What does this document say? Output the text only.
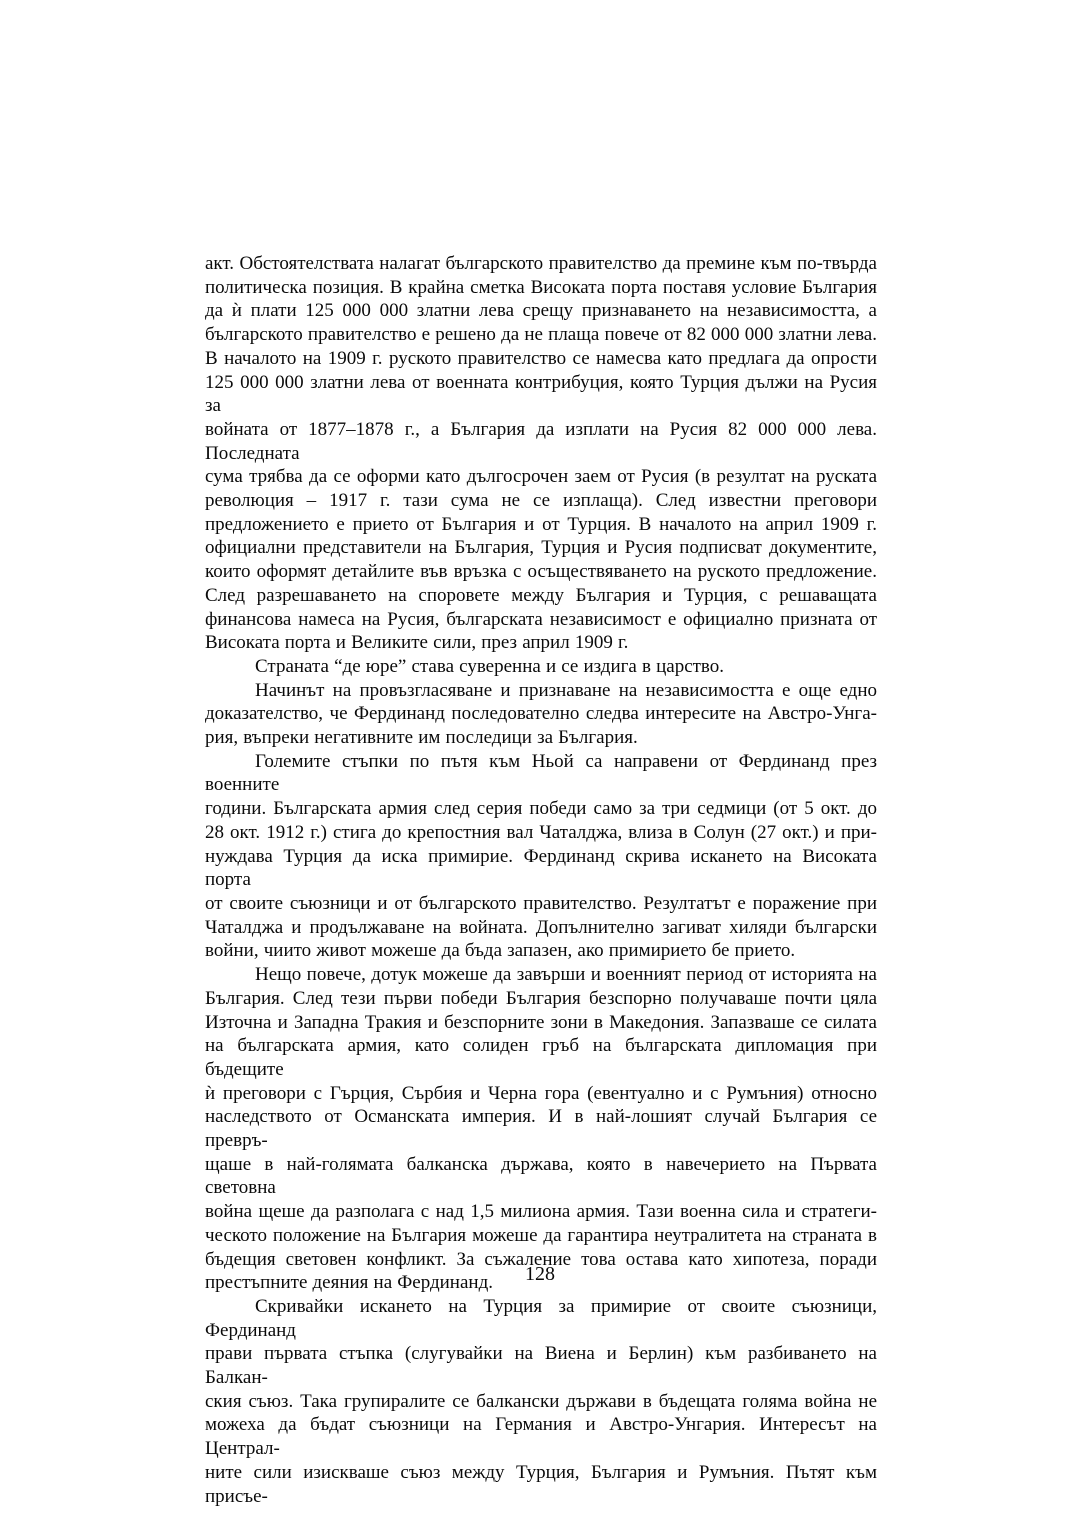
акт. Обстоятелствата налагат българското правителство да премине към по-твърда
политическа позиция. В крайна сметка Високата порта поставя условие България
да ѝ плати 125 000 000 златни лева срещу признаването на независимостта, а
българското правителство е решено да не плаща повече от 82 000 000 златни лева.
В началото на 1909 г. руското правителство се намесва като предлага да опрости
125 000 000 златни лева от военната контрибуция, която Турция дължи на Русия за
войната от 1877–1878 г., а България да изплати на Русия 82 000 000 лева. Последната
сума трябва да се оформи като дългосрочен заем от Русия (в резултат на руската
революция – 1917 г. тази сума не се изплаща). След известни преговори
предложението е прието от България и от Турция. В началото на април 1909 г.
официални представители на България, Турция и Русия подписват документите,
които оформят детайлите във връзка с осъществяването на руското предложение.
След разрешаването на споровете между България и Турция, с решаващата
финансова намеса на Русия, българската независимост е официално призната от
Високата порта и Великите сили, през април 1909 г.
Страната “де юре” става суверенна и се издига в царство.
Начинът на провъзгласяване и признаване на независимостта е още едно
доказателство, че Фердинанд последователно следва интересите на Австро-Унга-
рия, въпреки негативните им последици за България.
Големите стъпки по пътя към Ньой са направени от Фердинанд през военните
години. Българската армия след серия победи само за три седмици (от 5 окт. до
28 окт. 1912 г.) стига до крепостния вал Чаталджа, влиза в Солун (27 окт.) и при-
нуждава Турция да иска примирие. Фердинанд скрива искането на Високата порта
от своите съюзници и от българското правителство. Резултатът е поражение при
Чаталджа и продължаване на войната. Допълнително загиват хиляди български
войни, чиито живот можеше да бъда запазен, ако примирието бе прието.
Нещо повече, дотук можеше да завърши и военният период от историята на
България. След тези първи победи България безспорно получаваше почти цяла
Източна и Западна Тракия и безспорните зони в Македония. Запазваше се силата
на българската армия, като солиден гръб на българската дипломация при бъдещите
ѝ преговори с Гърция, Сърбия и Черна гора (евентуално и с Румъния) относно
наследството от Османската империя. И в най-лошият случай България се превръ-
щаше в най-голямата балканска държава, която в навечерието на Първата световна
война щеше да разполага с над 1,5 милиона армия. Тази военна сила и стратеги-
ческото положение на България можеше да гарантира неутралитета на страната в
бъдещия световен конфликт. За съжаление това остава като хипотеза, поради
престъпните деяния на Фердинанд.
Скривайки искането на Турция за примирие от своите съюзници, Фердинанд
прави първата стъпка (слугувайки на Виена и Берлин) към разбиването на Балкан-
ския съюз. Така групиралите се балкански държави в бъдещата голяма война не
можеха да бъдат съюзници на Германия и Австро-Унгария. Интересът на Централ-
ните сили изискваше съюз между Турция, България и Румъния. Пътят към присъе-
128
